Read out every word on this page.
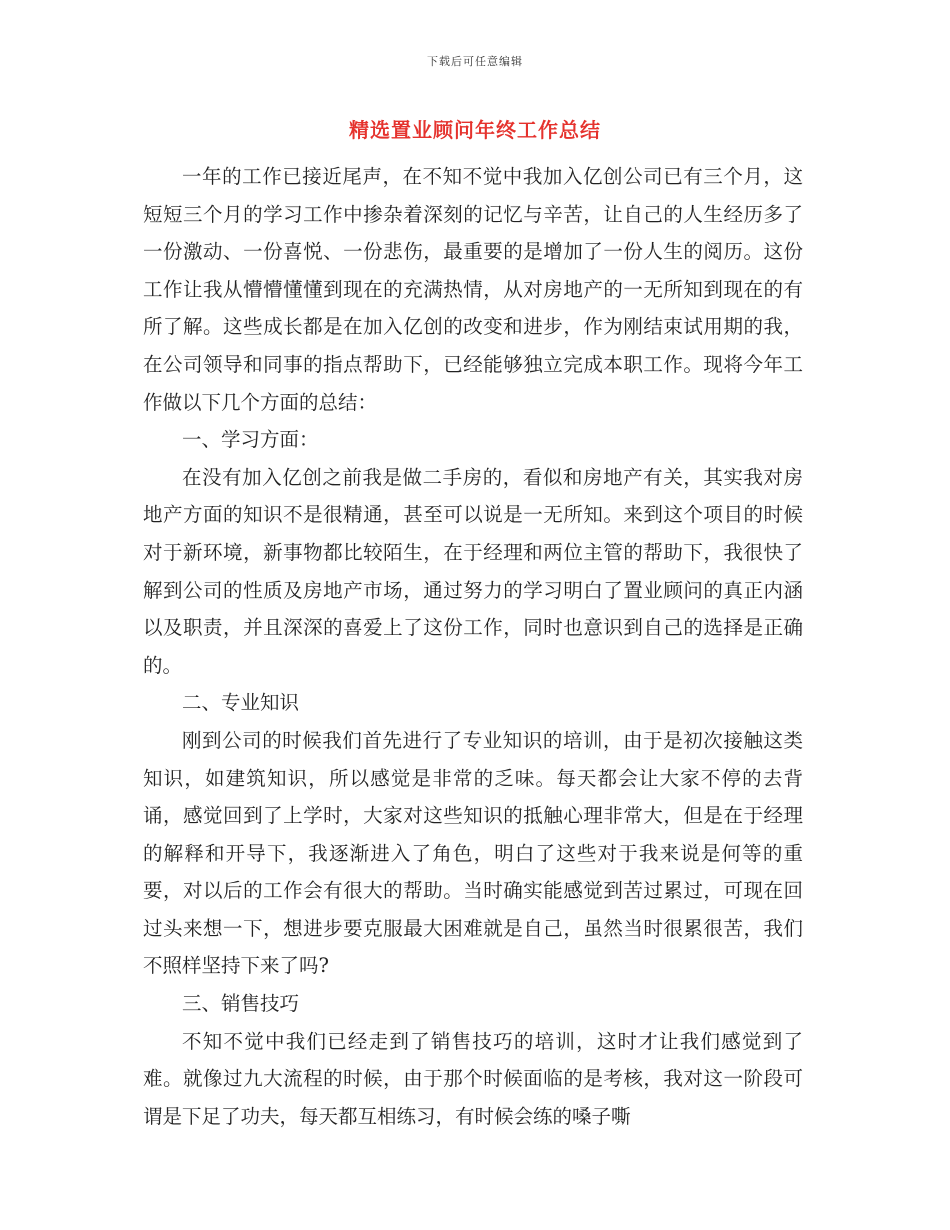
下载后可任意编辑
精选置业顾问年终工作总结

一年的工作已接近尾声，在不知不觉中我加入亿创公司已有三个月，这短短三个月的学习工作中掺杂着深刻的记忆与辛苦，让自己的人生经历多了一份激动、一份喜悦、一份悲伤，最重要的是增加了一份人生的阅历。这份工作让我从懵懵懂懂到现在的充满热情，从对房地产的一无所知到现在的有所了解。这些成长都是在加入亿创的改变和进步，作为刚结束试用期的我，在公司领导和同事的指点帮助下，已经能够独立完成本职工作。现将今年工作做以下几个方面的总结：

一、学习方面：

在没有加入亿创之前我是做二手房的，看似和房地产有关，其实我对房地产方面的知识不是很精通，甚至可以说是一无所知。来到这个项目的时候对于新环境，新事物都比较陌生，在于经理和两位主管的帮助下，我很快了解到公司的性质及房地产市场，通过努力的学习明白了置业顾问的真正内涵以及职责，并且深深的喜爱上了这份工作，同时也意识到自己的选择是正确的。

二、专业知识

刚到公司的时候我们首先进行了专业知识的培训，由于是初次接触这类知识，如建筑知识，所以感觉是非常的乏味。每天都会让大家不停的去背诵，感觉回到了上学时，大家对这些知识的抵触心理非常大，但是在于经理的解释和开导下，我逐渐进入了角色，明白了这些对于我来说是何等的重要，对以后的工作会有很大的帮助。当时确实能感觉到苦过累过，可现在回过头来想一下，想进步要克服最大困难就是自己，虽然当时很累很苦，我们不照样坚持下来了吗?

三、销售技巧

不知不觉中我们已经走到了销售技巧的培训，这时才让我们感觉到了难。就像过九大流程的时候，由于那个时候面临的是考核，我对这一阶段可谓是下足了功夫，每天都互相练习，有时候会练的嗓子嘶
